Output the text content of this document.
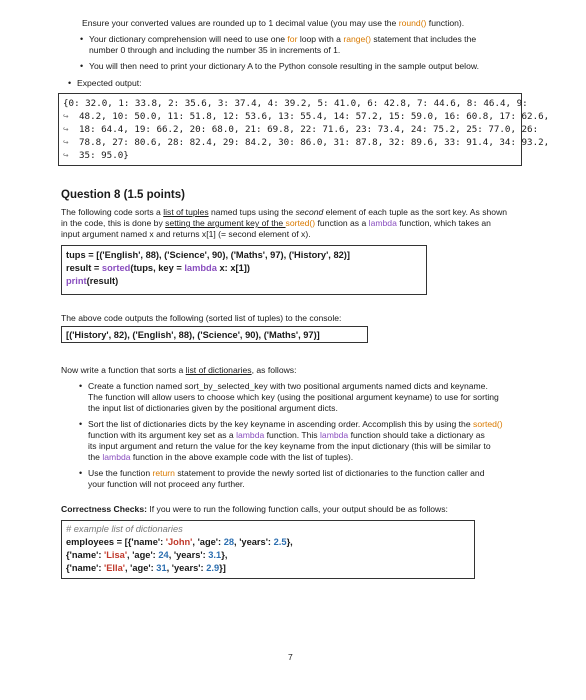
Ensure your converted values are rounded up to 1 decimal value (you may use the round() function).
• Your dictionary comprehension will need to use one for loop with a range() statement that includes the
number 0 through and including the number 35 in increments of 1.
• You will then need to print your dictionary A to the Python console resulting in the sample output below.
• Expected output:
{0: 32.0, 1: 33.8, 2: 35.6, 3: 37.4, 4: 39.2, 5: 41.0, 6: 42.8, 7: 44.6, 8: 46.4, 9:
↪ 48.2, 10: 50.0, 11: 51.8, 12: 53.6, 13: 55.4, 14: 57.2, 15: 59.0, 16: 60.8, 17: 62.6,
↪ 18: 64.4, 19: 66.2, 20: 68.0, 21: 69.8, 22: 71.6, 23: 73.4, 24: 75.2, 25: 77.0, 26:
↪ 78.8, 27: 80.6, 28: 82.4, 29: 84.2, 30: 86.0, 31: 87.8, 32: 89.6, 33: 91.4, 34: 93.2,
↪ 35: 95.0}
Question 8 (1.5 points)
The following code sorts a list of tuples named tups using the second element of each tuple as the sort key. As shown
in the code, this is done by setting the argument key of the sorted() function as a lambda function, which takes an
input argument named x and returns x[1] (= second element of x).
tups = [('English', 88), ('Science', 90), ('Maths', 97), ('History', 82)]
result = sorted(tups, key = lambda x: x[1])
print(result)
The above code outputs the following (sorted list of tuples) to the console:
[('History', 82), ('English', 88), ('Science', 90), ('Maths', 97)]
Now write a function that sorts a list of dictionaries, as follows:
• Create a function named sort_by_selected_key with two positional arguments named dicts and keyname.
The function will allow users to choose which key (using the positional argument keyname) to use for sorting
the input list of dictionaries given by the positional argument dicts.
• Sort the list of dictionaries dicts by the key keyname in ascending order. Accomplish this by using the sorted()
function with its argument key set as a lambda function. This lambda function should take a dictionary as
its input argument and return the value for the key keyname from the input dictionary (this will be similar to
the lambda function in the above example code with the list of tuples).
• Use the function return statement to provide the newly sorted list of dictionaries to the function caller and
your function will not proceed any further.
Correctness Checks: If you were to run the following function calls, your output should be as follows:
# example list of dictionaries
employees = [{'name': 'John', 'age': 28, 'years': 2.5},
{'name': 'Lisa', 'age': 24, 'years': 3.1},
{'name': 'Ella', 'age': 31, 'years': 2.9}]
7
